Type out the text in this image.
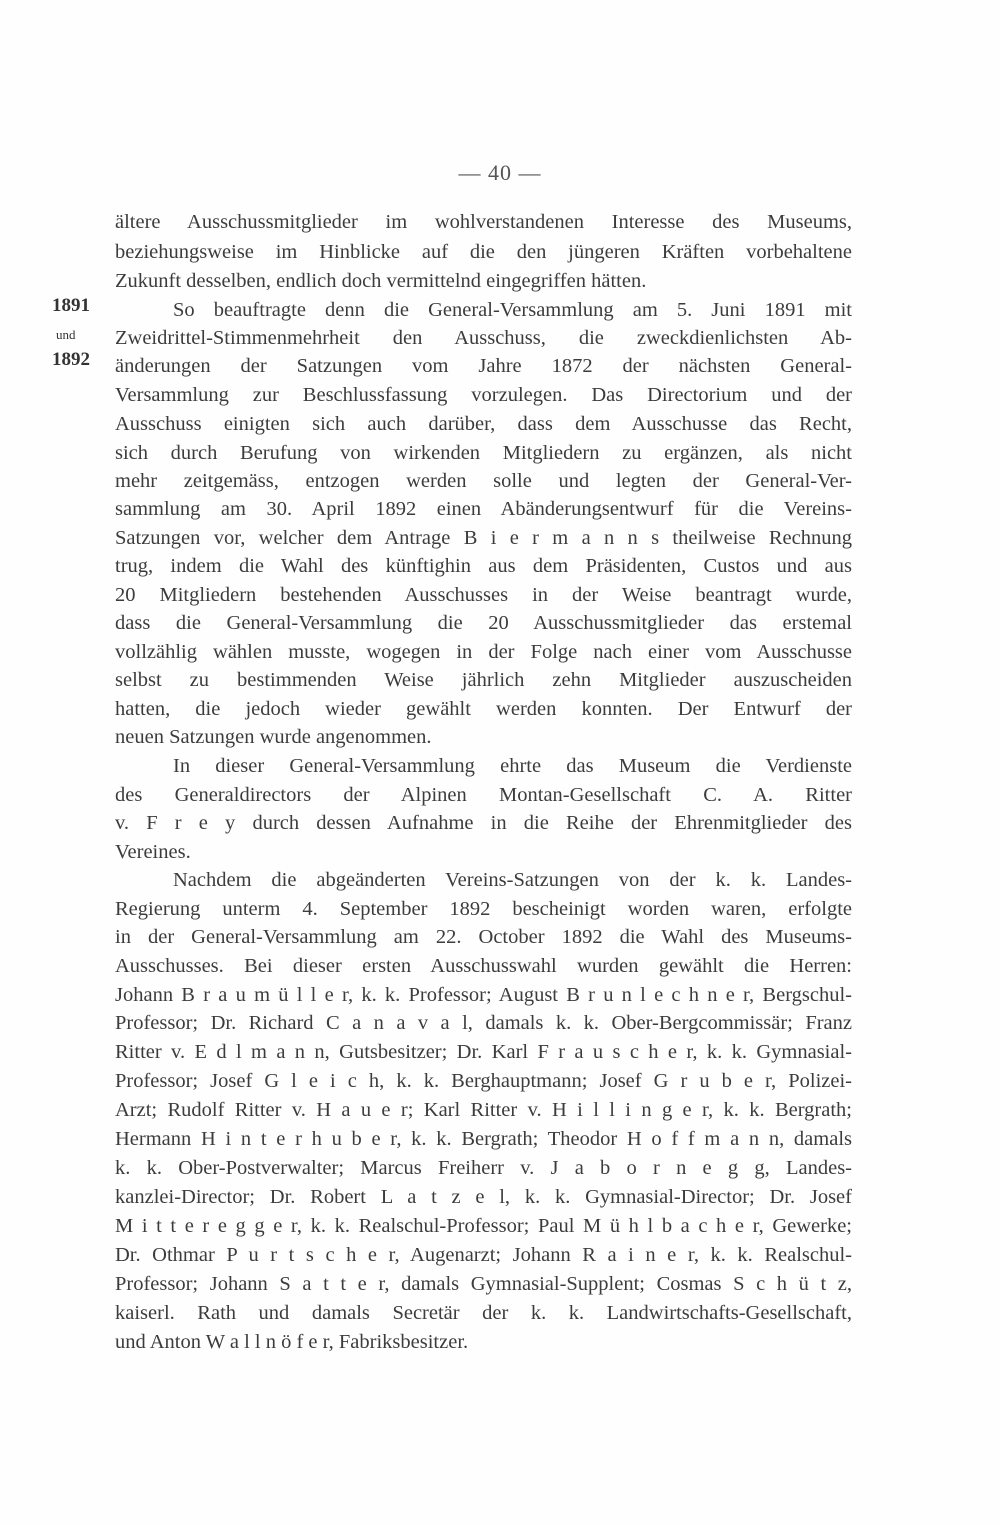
— 40 —
1891
und
1892
ältere Ausschussmitglieder im wohlverstandenen Interesse des Museums,
beziehungsweise im Hinblicke auf die den jüngeren Kräften vorbehaltene
Zukunft desselben, endlich doch vermittelnd eingegriffen hätten.
So beauftragte denn die General-Versammlung am 5. Juni 1891 mit
Zweidrittel-Stimmenmehrheit den Ausschuss, die zweckdienlichsten Ab-
änderungen der Satzungen vom Jahre 1872 der nächsten General-
Versammlung zur Beschlussfassung vorzulegen. Das Directorium und der
Ausschuss einigten sich auch darüber, dass dem Ausschusse das Recht,
sich durch Berufung von wirkenden Mitgliedern zu ergänzen, als nicht
mehr zeitgemäss, entzogen werden solle und legten der General-Ver-
sammlung am 30. April 1892 einen Abänderungsentwurf für die Vereins-
Satzungen vor, welcher dem Antrage B i e r m a n n s theilweise Rechnung
trug, indem die Wahl des künftighin aus dem Präsidenten, Custos und aus
20 Mitgliedern bestehenden Ausschusses in der Weise beantragt wurde,
dass die General-Versammlung die 20 Ausschussmitglieder das erstemal
vollzählig wählen musste, wogegen in der Folge nach einer vom Ausschusse
selbst zu bestimmenden Weise jährlich zehn Mitglieder auszuscheiden
hatten, die jedoch wieder gewählt werden konnten. Der Entwurf der
neuen Satzungen wurde angenommen.
In dieser General-Versammlung ehrte das Museum die Verdienste
des Generaldirectors der Alpinen Montan-Gesellschaft C. A. Ritter
v. F r e y durch dessen Aufnahme in die Reihe der Ehrenmitglieder des
Vereines.
Nachdem die abgeänderten Vereins-Satzungen von der k. k. Landes-
Regierung unterm 4. September 1892 bescheinigt worden waren, erfolgte
in der General-Versammlung am 22. October 1892 die Wahl des Museums-
Ausschusses. Bei dieser ersten Ausschusswahl wurden gewählt die Herren:
Johann B r a u m ü l l e r, k. k. Professor; August B r u n l e c h n e r, Bergschul-
Professor; Dr. Richard C a n a v a l, damals k. k. Ober-Bergcommissär; Franz
Ritter v. E d l m a n n, Gutsbesitzer; Dr. Karl F r a u s c h e r, k. k. Gymnasial-
Professor; Josef G l e i c h, k. k. Berghauptmann; Josef G r u b e r, Polizei-
Arzt; Rudolf Ritter v. H a u e r; Karl Ritter v. H i l l i n g e r, k. k. Bergrath;
Hermann H i n t e r h u b e r, k. k. Bergrath; Theodor H o f f m a n n, damals
k. k. Ober-Postverwalter; Marcus Freiherr v. J a b o r n e g g, Landes-
kanzlei-Director; Dr. Robert L a t z e l, k. k. Gymnasial-Director; Dr. Josef
M i t t e r e g g e r, k. k. Realschul-Professor; Paul M ü h l b a c h e r, Gewerke;
Dr. Othmar P u r t s c h e r, Augenarzt; Johann R a i n e r, k. k. Realschul-
Professor; Johann S a t t e r, damals Gymnasial-Supplent; Cosmas S c h ü t z,
kaiserl. Rath und damals Secretär der k. k. Landwirtschafts-Gesellschaft,
und Anton W a l l n ö f e r, Fabriksbesitzer.
